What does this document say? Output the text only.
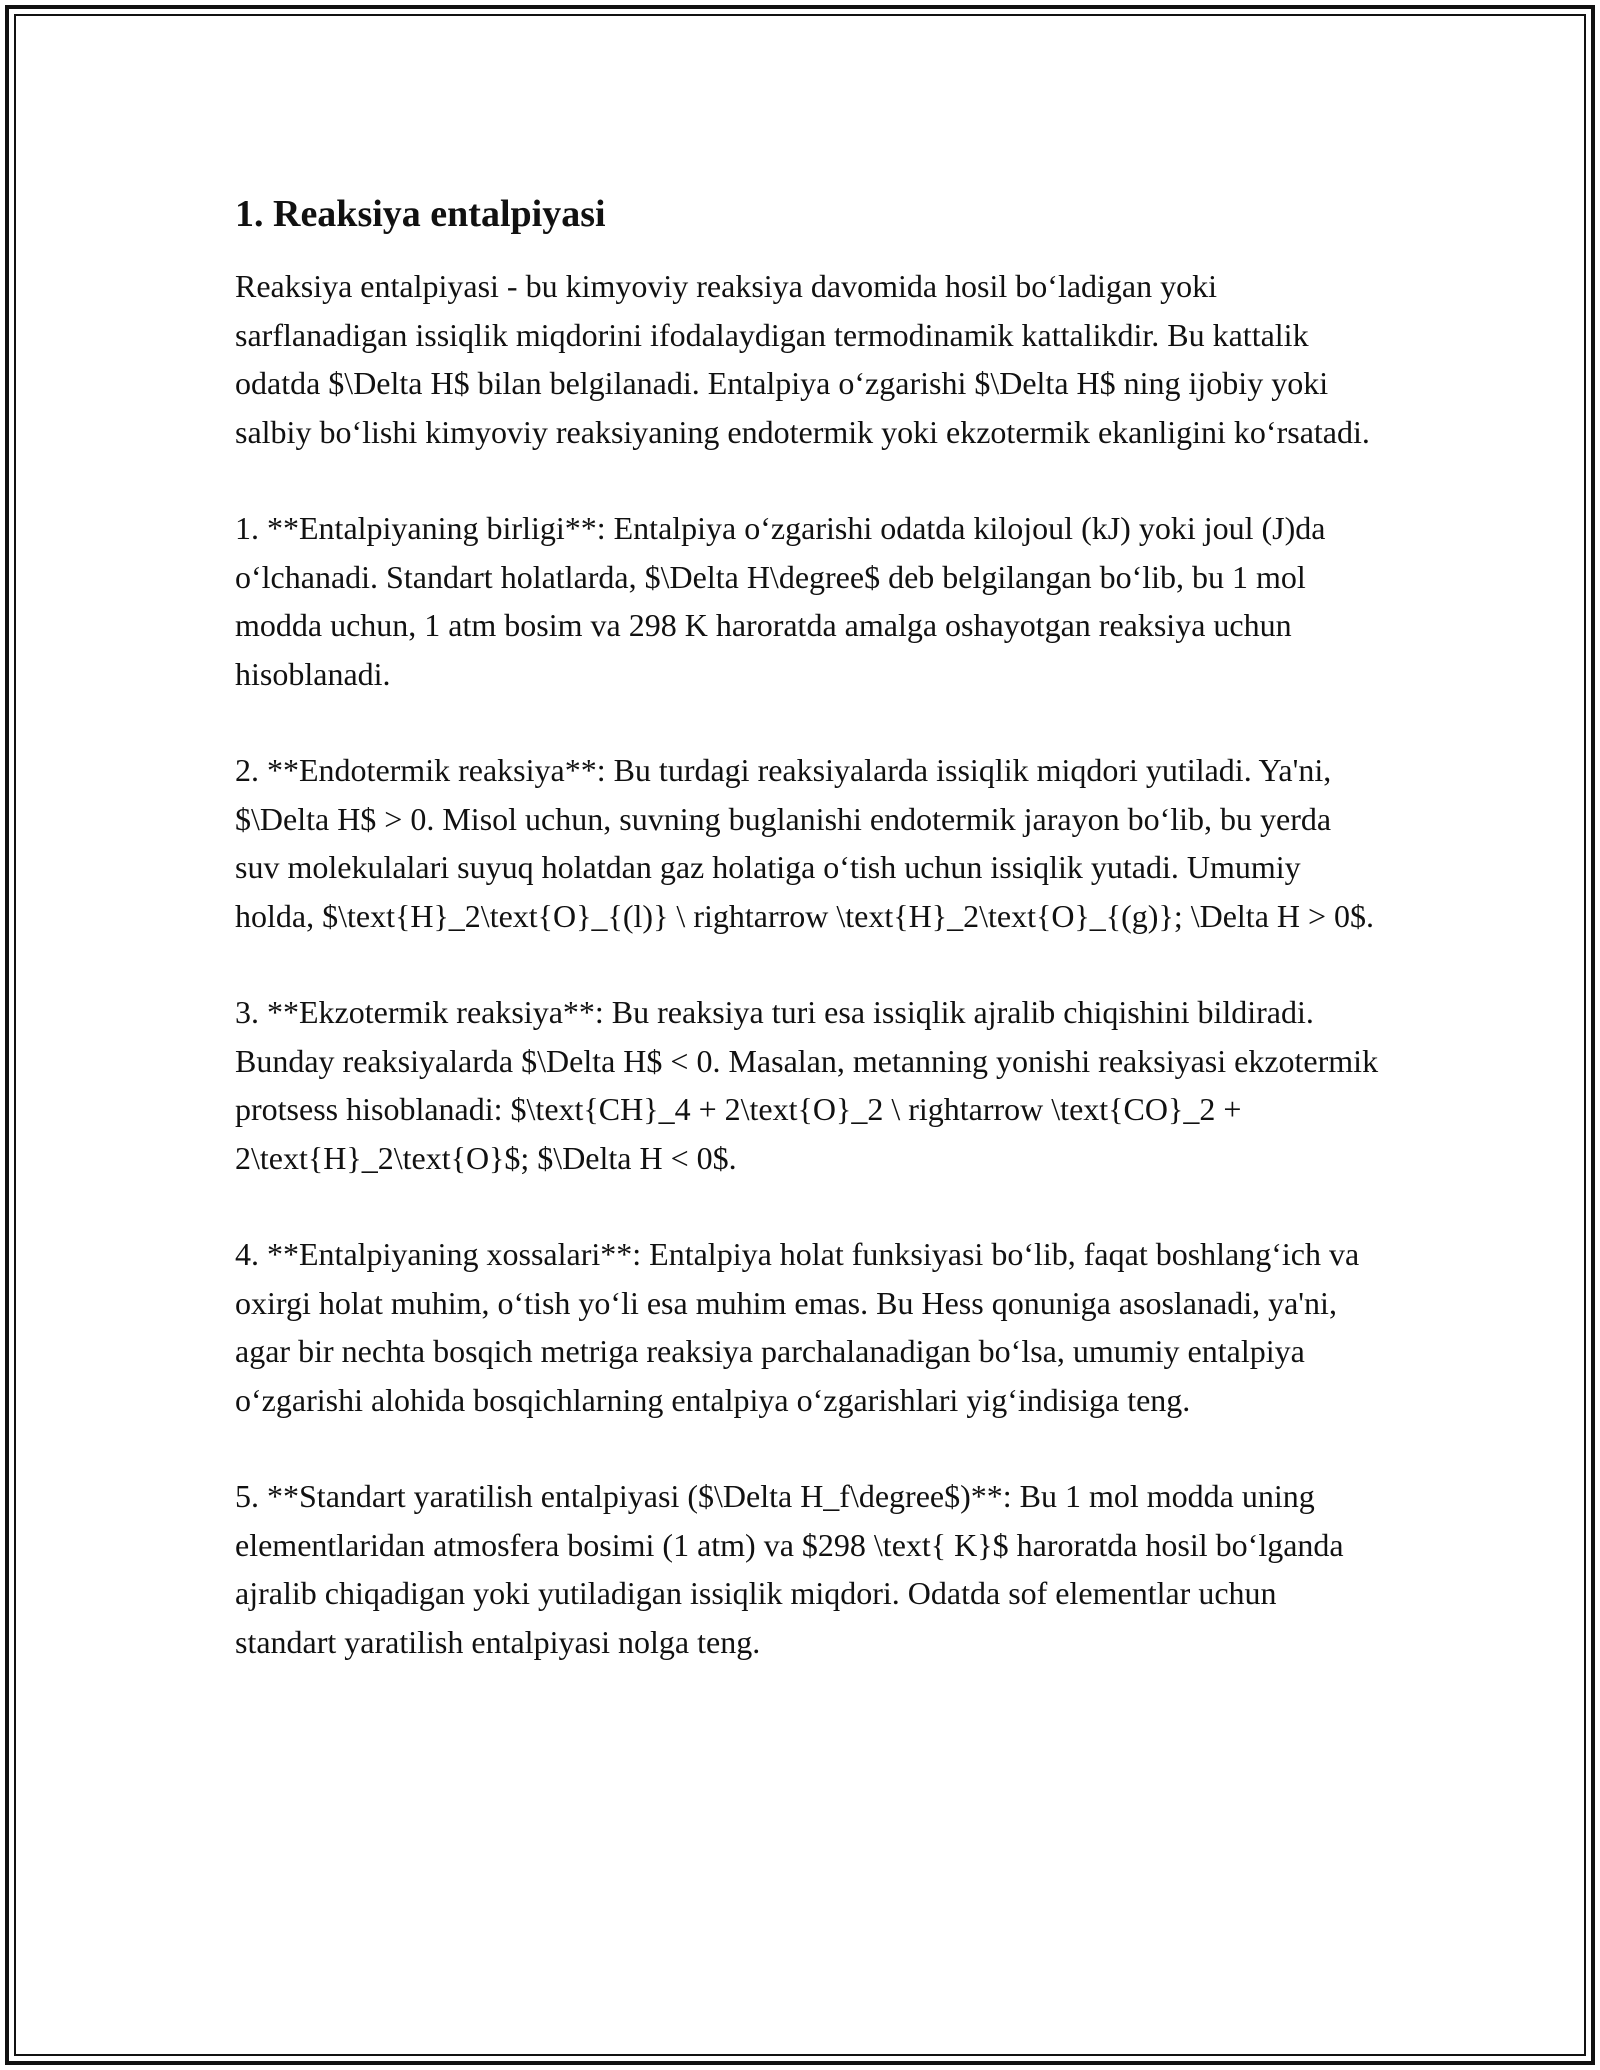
1. Reaksiya entalpiyasi

Reaksiya entalpiyasi - bu kimyoviy reaksiya davomida hosil bo‘ladigan yoki sarflanadigan issiqlik miqdorini ifodalaydigan termodinamik kattalikdir. Bu kattalik odatda $\Delta H$ bilan belgilanadi. Entalpiya o‘zgarishi $\Delta H$ ning ijobiy yoki salbiy bo‘lishi kimyoviy reaksiyaning endotermik yoki ekzotermik ekanligini ko‘rsatadi.

1. **Entalpiyaning birligi**: Entalpiya o‘zgarishi odatda kilojoul (kJ) yoki joul (J)da o‘lchanadi. Standart holatlarda, $\Delta H\degree$ deb belgilangan bo‘lib, bu 1 mol modda uchun, 1 atm bosim va 298 K haroratda amalga oshayotgan reaksiya uchun hisoblanadi.

2. **Endotermik reaksiya**: Bu turdagi reaksiyalarda issiqlik miqdori yutiladi. Ya'ni, $\Delta H$ > 0. Misol uchun, suvning buglanishi endotermik jarayon bo‘lib, bu yerda suv molekulalari suyuq holatdan gaz holatiga o‘tish uchun issiqlik yutadi. Umumiy holda, $\text{H}_2\text{O}_{(l)} \ rightarrow \text{H}_2\text{O}_{(g)}; \Delta H > 0$.

3. **Ekzotermik reaksiya**: Bu reaksiya turi esa issiqlik ajralib chiqishini bildiradi. Bunday reaksiyalarda $\Delta H$ < 0. Masalan, metanning yonishi reaksiyasi ekzotermik protsess hisoblanadi: $\text{CH}_4 + 2\text{O}_2 \ rightarrow \text{CO}_2 + 2\text{H}_2\text{O}$; $\Delta H < 0$.

4. **Entalpiyaning xossalari**: Entalpiya holat funksiyasi bo‘lib, faqat boshlang‘ich va oxirgi holat muhim, o‘tish yo‘li esa muhim emas. Bu Hess qonuniga asoslanadi, ya'ni, agar bir nechta bosqich metriga reaksiya parchalanadigan bo‘lsa, umumiy entalpiya o‘zgarishi alohida bosqichlarning entalpiya o‘zgarishlari yig‘indisiga teng.

5. **Standart yaratilish entalpiyasi ($\Delta H_f\degree$)**: Bu 1 mol modda uning elementlaridan atmosfera bosimi (1 atm) va $298 \text{ K}$ haroratda hosil bo‘lganda ajralib chiqadigan yoki yutiladigan issiqlik miqdori. Odatda sof elementlar uchun standart yaratilish entalpiyasi nolga teng.
